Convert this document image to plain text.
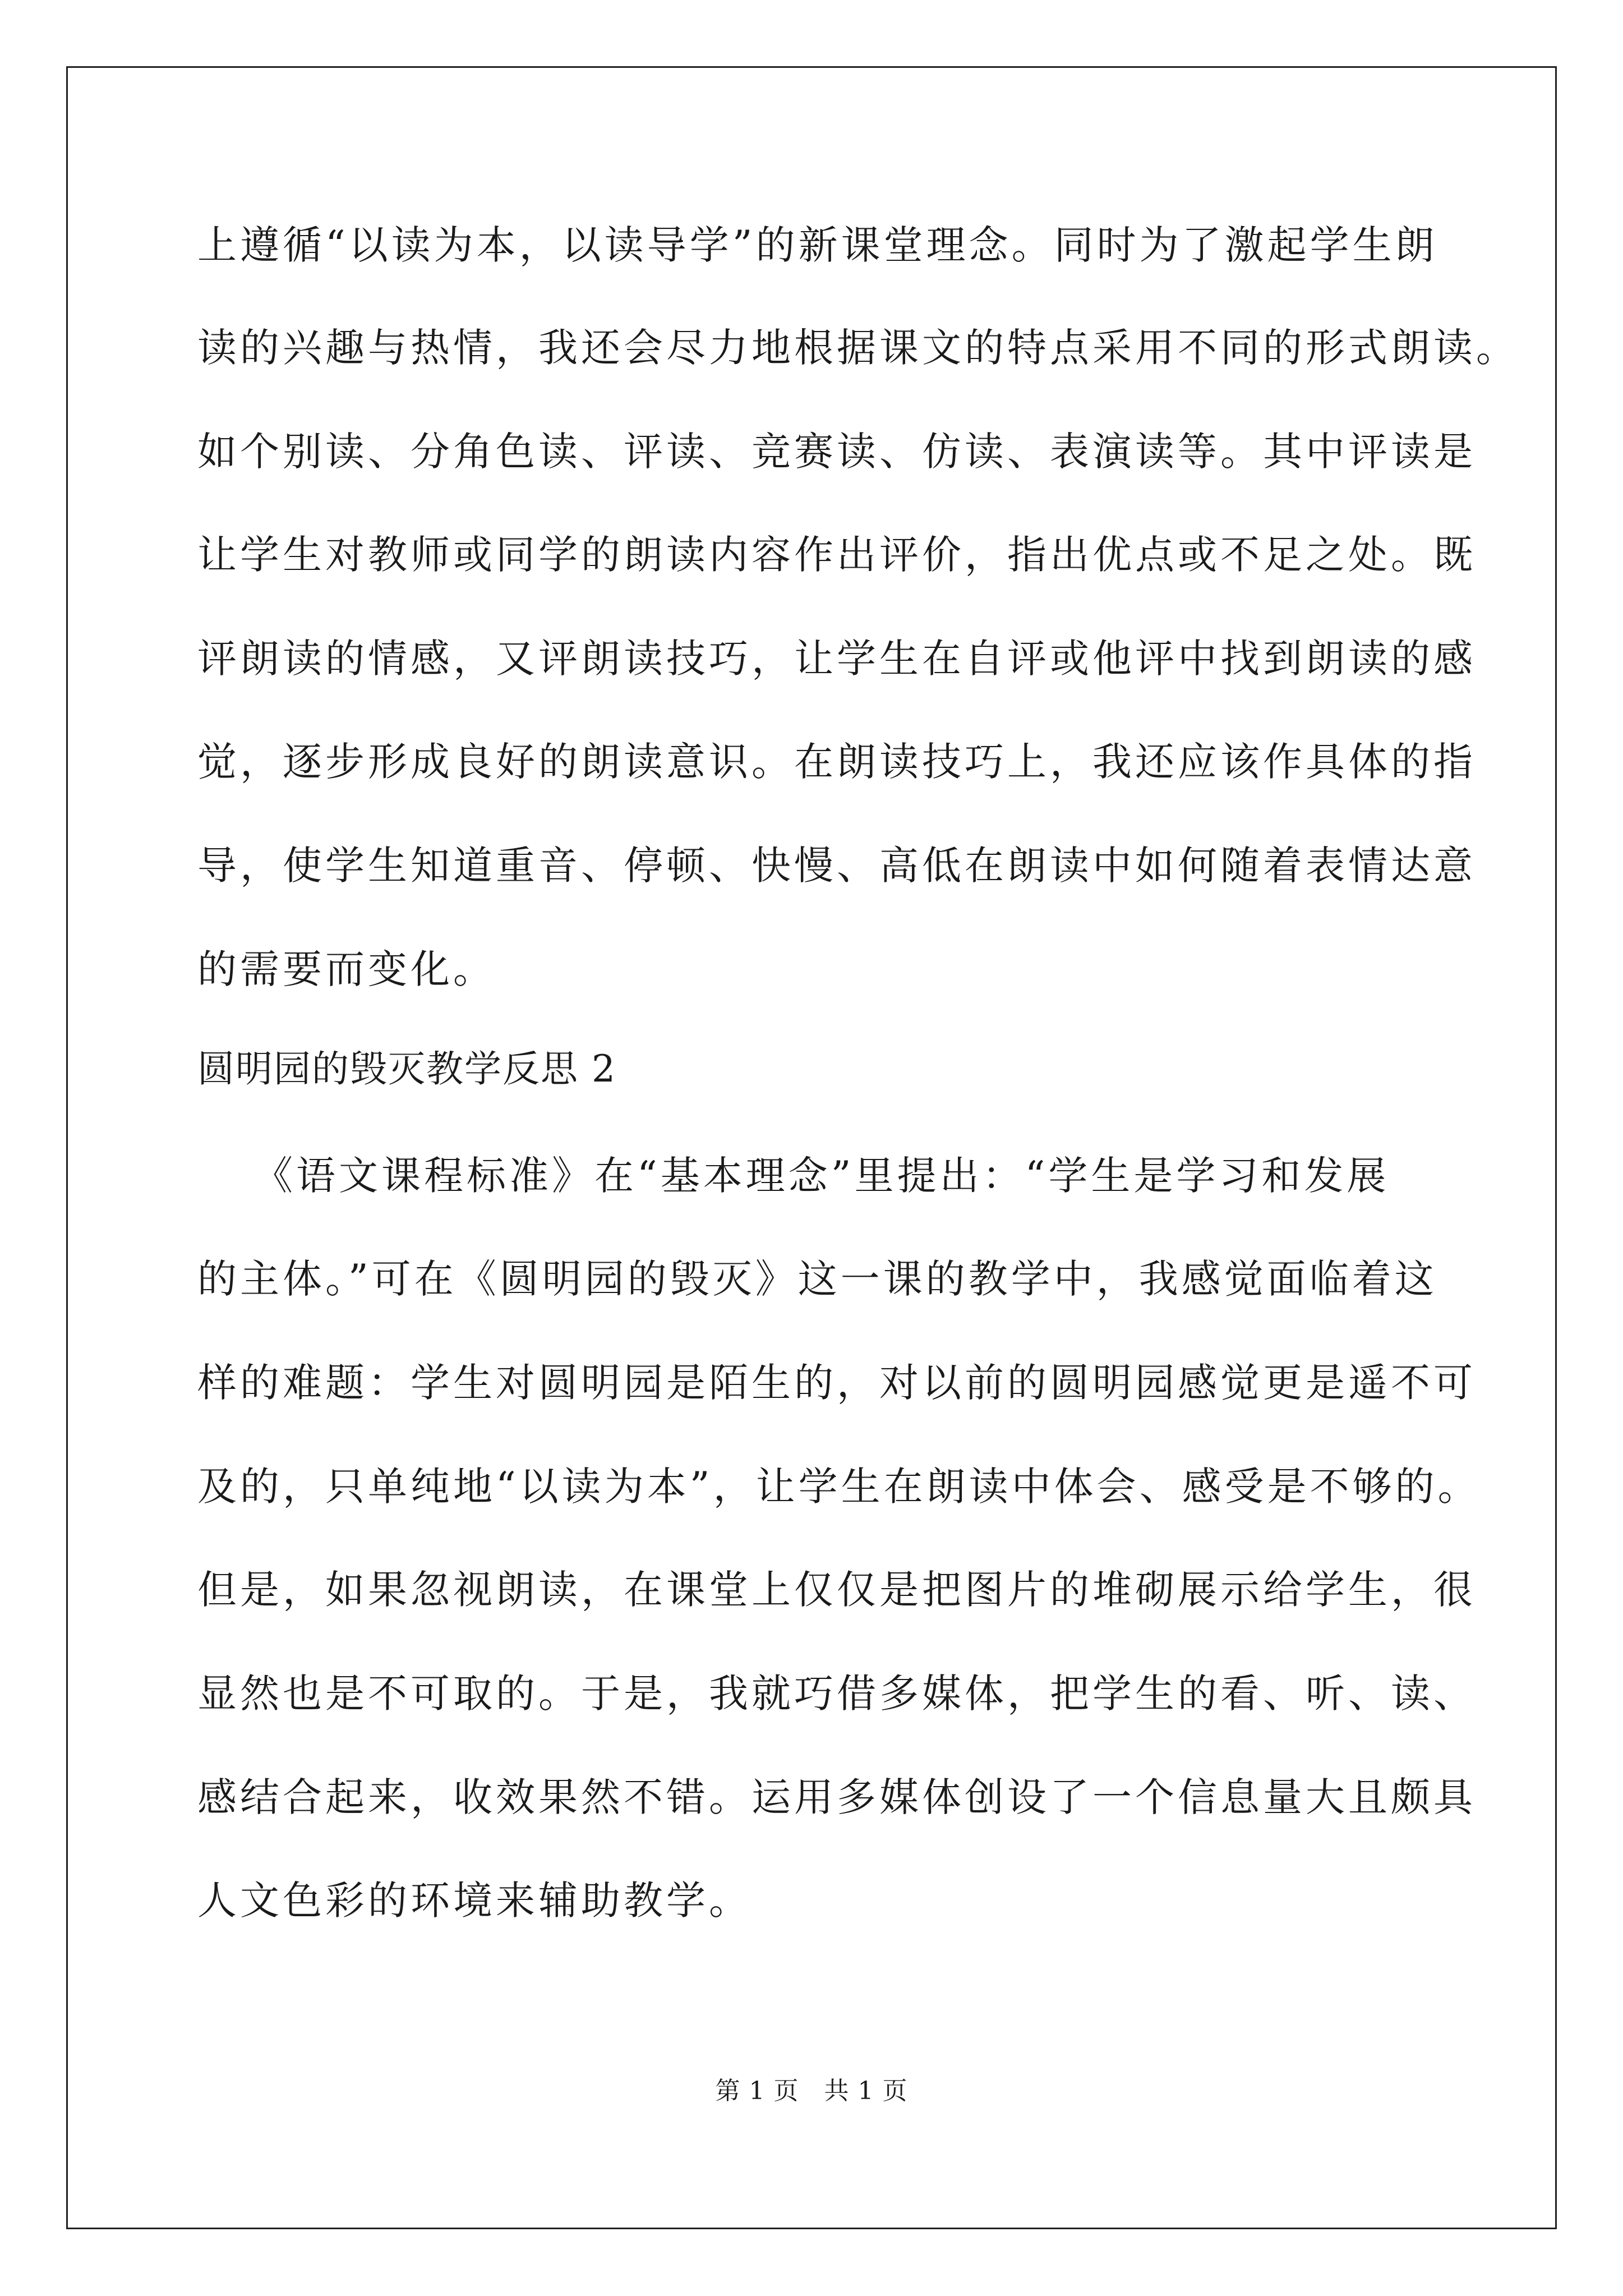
上遵循“以读为本，以读导学”的新课堂理念。同时为了激起学生朗
读的兴趣与热情，我还会尽力地根据课文的特点采用不同的形式朗读。
如个别读、分角色读、评读、竞赛读、仿读、表演读等。其中评读是
让学生对教师或同学的朗读内容作出评价，指出优点或不足之处。既
评朗读的情感，又评朗读技巧，让学生在自评或他评中找到朗读的感
觉，逐步形成良好的朗读意识。在朗读技巧上，我还应该作具体的指
导，使学生知道重音、停顿、快慢、高低在朗读中如何随着表情达意
的需要而变化。
圆明园的毁灭教学反思 2
《语文课程标准》在“基本理念”里提出：“学生是学习和发展
的主体。”可在《圆明园的毁灭》这一课的教学中，我感觉面临着这
样的难题：学生对圆明园是陌生的，对以前的圆明园感觉更是遥不可
及的，只单纯地“以读为本”，让学生在朗读中体会、感受是不够的。
但是，如果忽视朗读，在课堂上仅仅是把图片的堆砌展示给学生，很
显然也是不可取的。于是，我就巧借多媒体，把学生的看、听、读、
感结合起来，收效果然不错。运用多媒体创设了一个信息量大且颇具
人文色彩的环境来辅助教学。
第 1 页　共 1 页
